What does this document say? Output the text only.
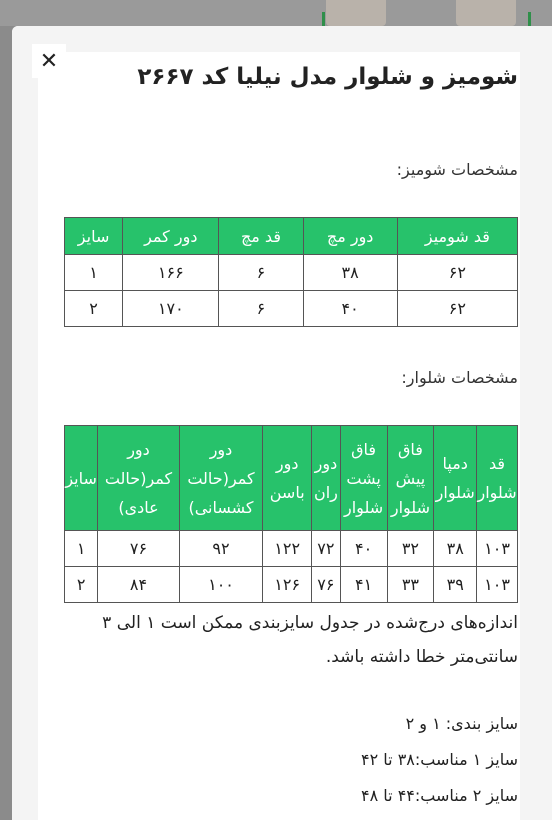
✕
شومیز و شلوار مدل نیلیا کد ۲۶۶۷
مشخصات شومیز:
قد شومیز	دور مچ	قد مچ	دور کمر	سایز
۶۲	۳۸	۶	۱۶۶	۱
۶۲	۴۰	۶	۱۷۰	۲
مشخصات شلوار:
قد شلوار	دمپا شلوار	فاق پیش شلوار	فاق پشت شلوار	دور ران	دور باسن	دور کمر(حالت کشسانی)	دور کمر(حالت عادی)	سایز
۱۰۳	۳۸	۳۲	۴۰	۷۲	۱۲۲	۹۲	۷۶	۱
۱۰۳	۳۹	۳۳	۴۱	۷۶	۱۲۶	۱۰۰	۸۴	۲
اندازه‌های درج‌شده در جدول سایزبندی ممکن است ۱ الی ۳ سانتی‌متر خطا داشته باشد.
سایز بندی: ۱ و ۲
سایز ۱ مناسب:۳۸ تا ۴۲
سایز ۲ مناسب:۴۴ تا ۴۸
